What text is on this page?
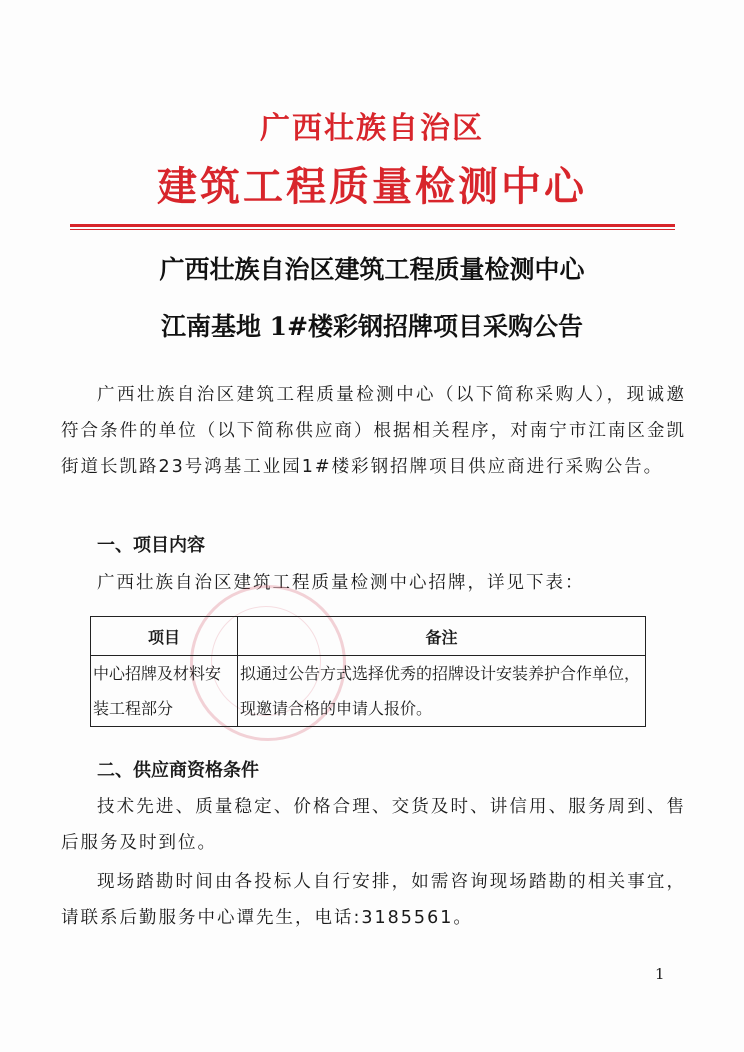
广西壮族自治区
建筑工程质量检测中心
广西壮族自治区建筑工程质量检测中心
江南基地 1#楼彩钢招牌项目采购公告
广西壮族自治区建筑工程质量检测中心（以下简称采购人），现诚邀符合条件的单位（以下简称供应商）根据相关程序，对南宁市江南区金凯街道长凯路23号鸿基工业园1#楼彩钢招牌项目供应商进行采购公告。
一、项目内容
广西壮族自治区建筑工程质量检测中心招牌，详见下表：
项目	备注
中心招牌及材料安装工程部分	拟通过公告方式选择优秀的招牌设计安装养护合作单位，现邀请合格的申请人报价。
二、供应商资格条件
技术先进、质量稳定、价格合理、交货及时、讲信用、服务周到、售后服务及时到位。
现场踏勘时间由各投标人自行安排，如需咨询现场踏勘的相关事宜，请联系后勤服务中心谭先生，电话:3185561。
1
